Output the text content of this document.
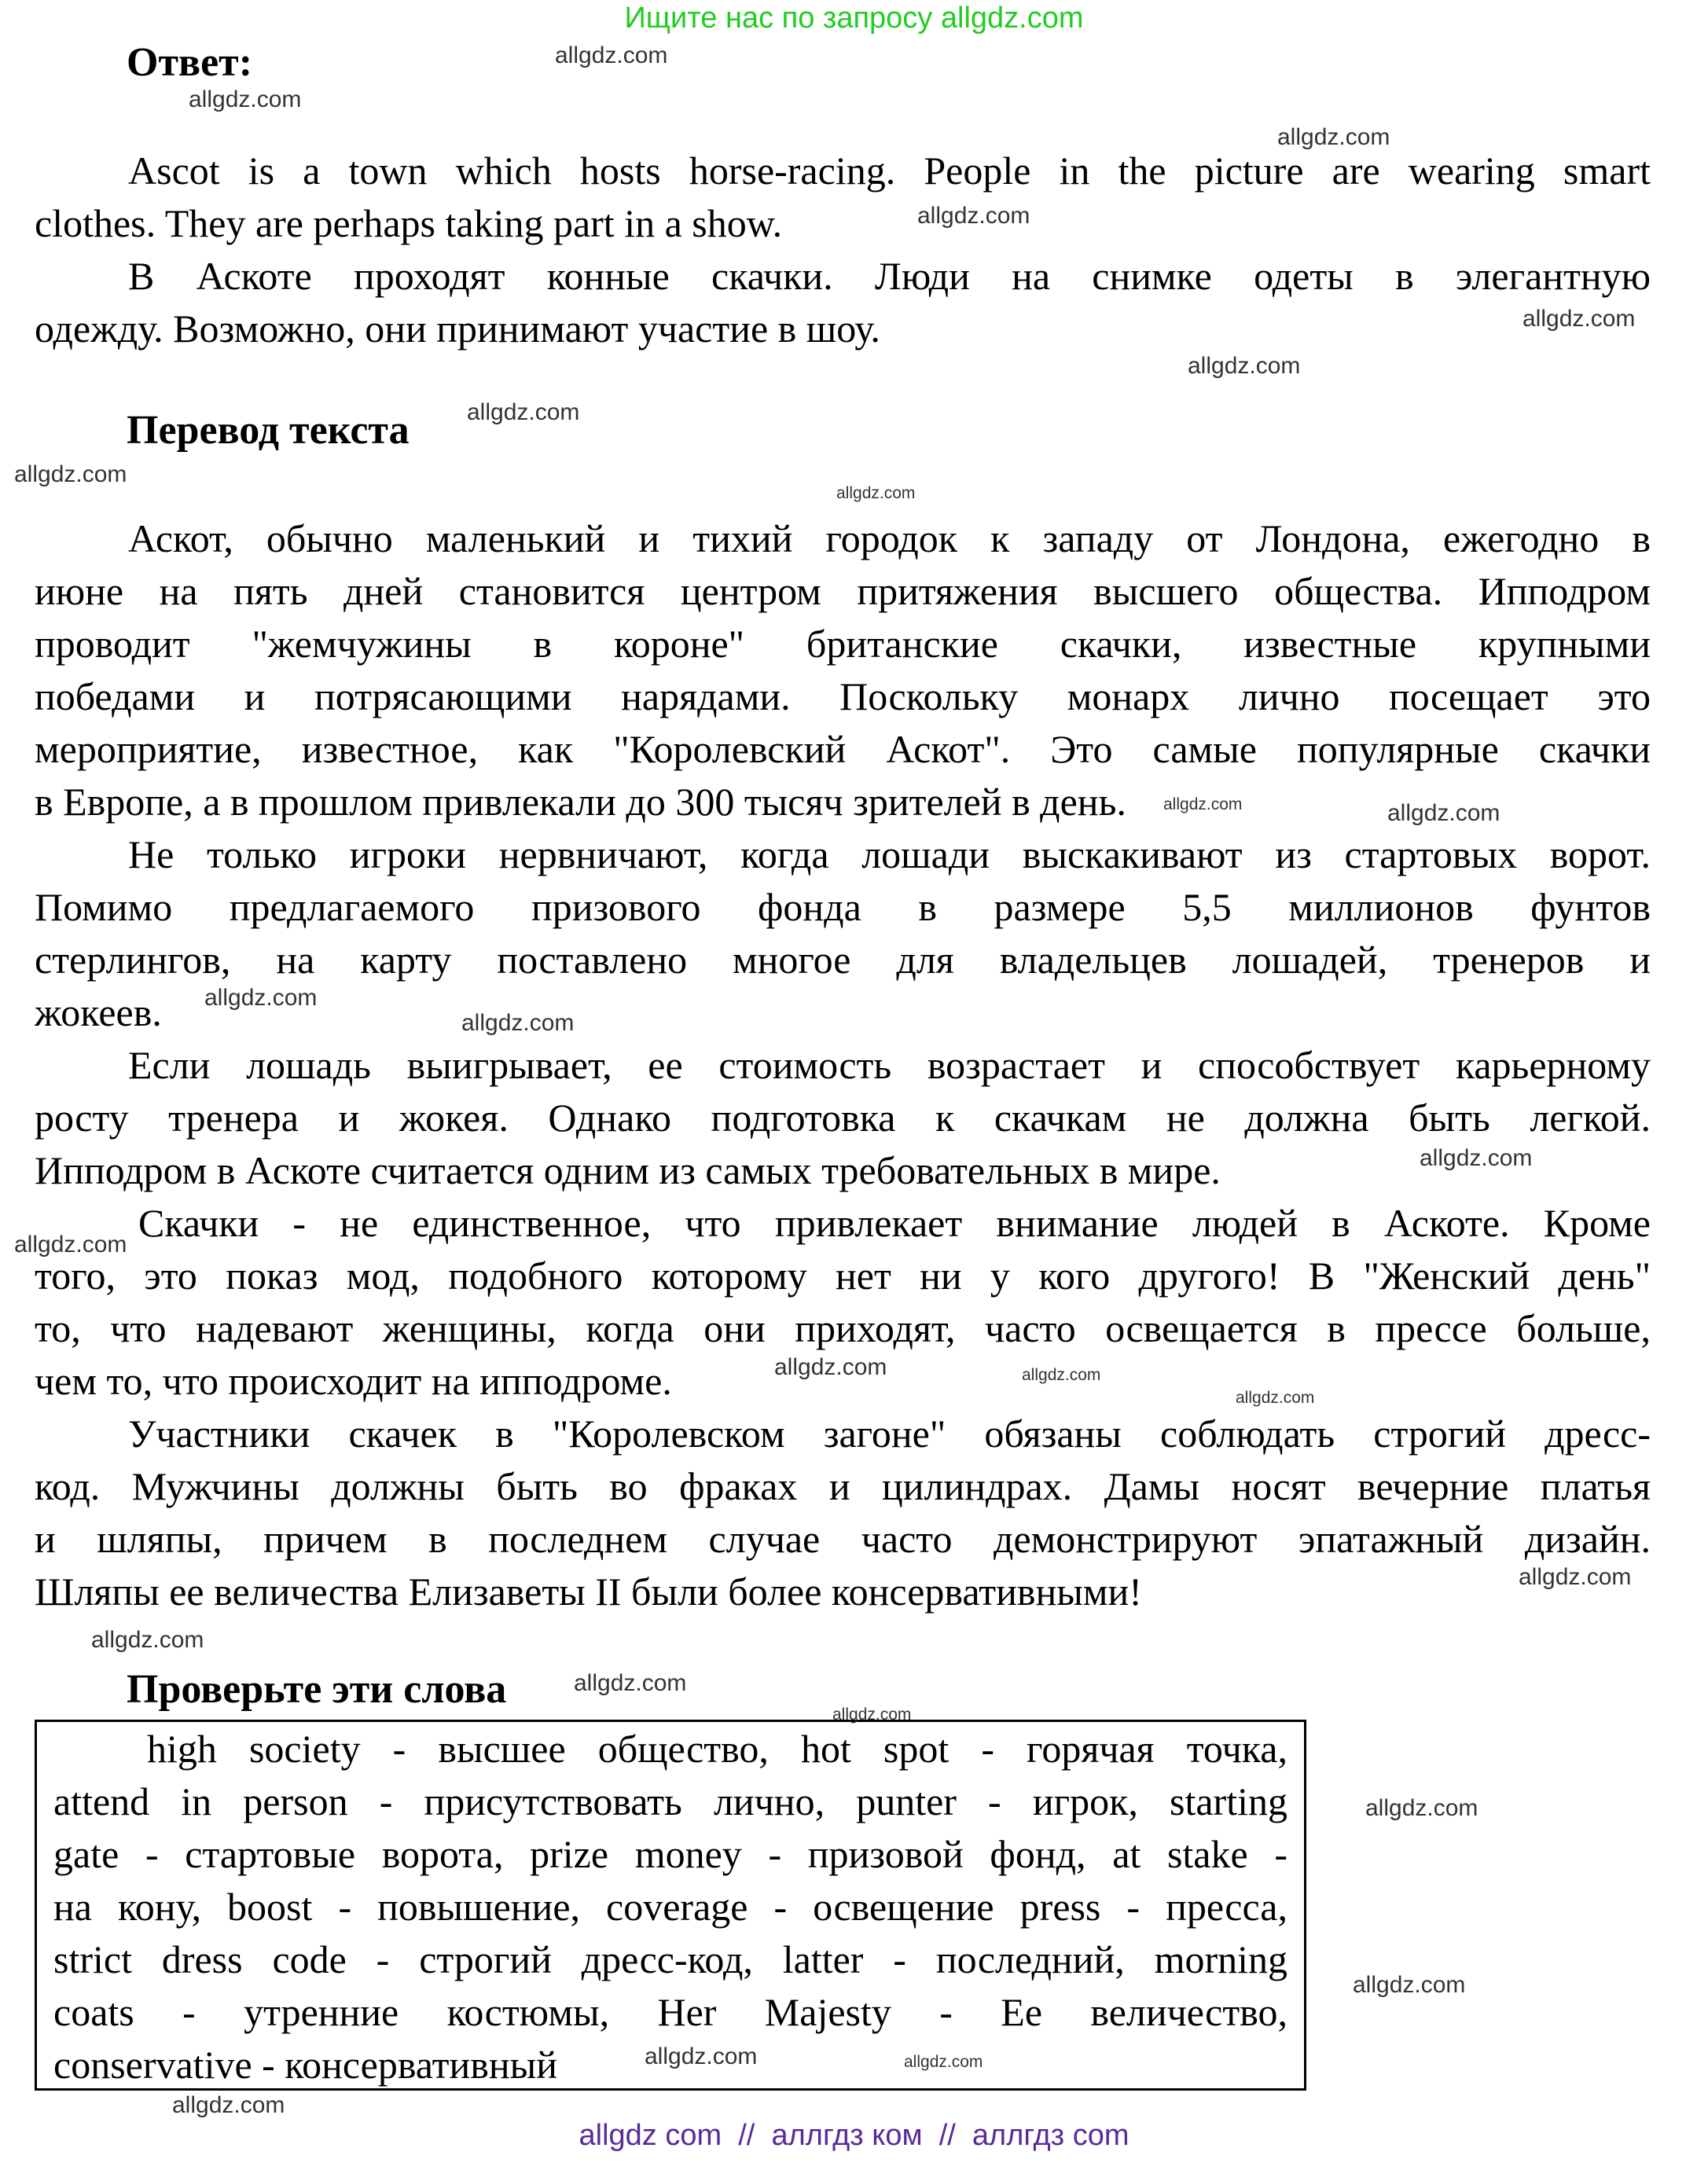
Ищите нас по запросу allgdz.com
Ответ:
Ascot is a town which hosts horse-racing. People in the picture are wearing smart
clothes. They are perhaps taking part in a show.
В Аскоте проходят конные скачки. Люди на снимке одеты в элегантную
одежду. Возможно, они принимают участие в шоу.
Перевод текста
Аскот, обычно маленький и тихий городок к западу от Лондона, ежегодно в
июне на пять дней становится центром притяжения высшего общества. Ипподром
проводит "жемчужины в короне" британские скачки, известные крупными
победами и потрясающими нарядами. Поскольку монарх лично посещает это
мероприятие, известное, как "Королевский Аскот". Это самые популярные скачки
в Европе, а в прошлом привлекали до 300 тысяч зрителей в день.
Не только игроки нервничают, когда лошади выскакивают из стартовых ворот.
Помимо предлагаемого призового фонда в размере 5,5 миллионов фунтов
стерлингов, на карту поставлено многое для владельцев лошадей, тренеров и
жокеев.
Если лошадь выигрывает, ее стоимость возрастает и способствует карьерному
росту тренера и жокея. Однако подготовка к скачкам не должна быть легкой.
Ипподром в Аскоте считается одним из самых требовательных в мире.
Скачки - не единственное, что привлекает внимание людей в Аскоте. Кроме
того, это показ мод, подобного которому нет ни у кого другого! В "Женский день"
то, что надевают женщины, когда они приходят, часто освещается в прессе больше,
чем то, что происходит на ипподроме.
Участники скачек в "Королевском загоне" обязаны соблюдать строгий дресс-
код. Мужчины должны быть во фраках и цилиндрах. Дамы носят вечерние платья
и шляпы, причем в последнем случае часто демонстрируют эпатажный дизайн.
Шляпы ее величества Елизаветы II были более консервативными!
Проверьте эти слова
high society - высшее общество, hot spot - горячая точка,
attend in person - присутствовать лично, punter - игрок, starting
gate - стартовые ворота, prize money - призовой фонд, at stake -
на кону, boost - повышение, coverage - освещение press - пресса,
strict dress code - строгий дресс-код, latter - последний, morning
coats - утренние костюмы, Her Majesty - Ее величество,
conservative - консервативный
allgdz.com
allgdz.com
allgdz.com
allgdz.com
allgdz.com
allgdz.com
allgdz.com
allgdz.com
allgdz.com
allgdz.com	allgdz.com
allgdz.com
allgdz.com
allgdz.com
allgdz.com
allgdz.com
allgdz.com
allgdz.com
allgdz.com
allgdz.com
allgdz.com
allgdz.com
allgdz.com
allgdz.com
allgdz.com
allgdz.com
allgdz.com
allgdz com  //  аллгдз ком  //  аллгдз com
